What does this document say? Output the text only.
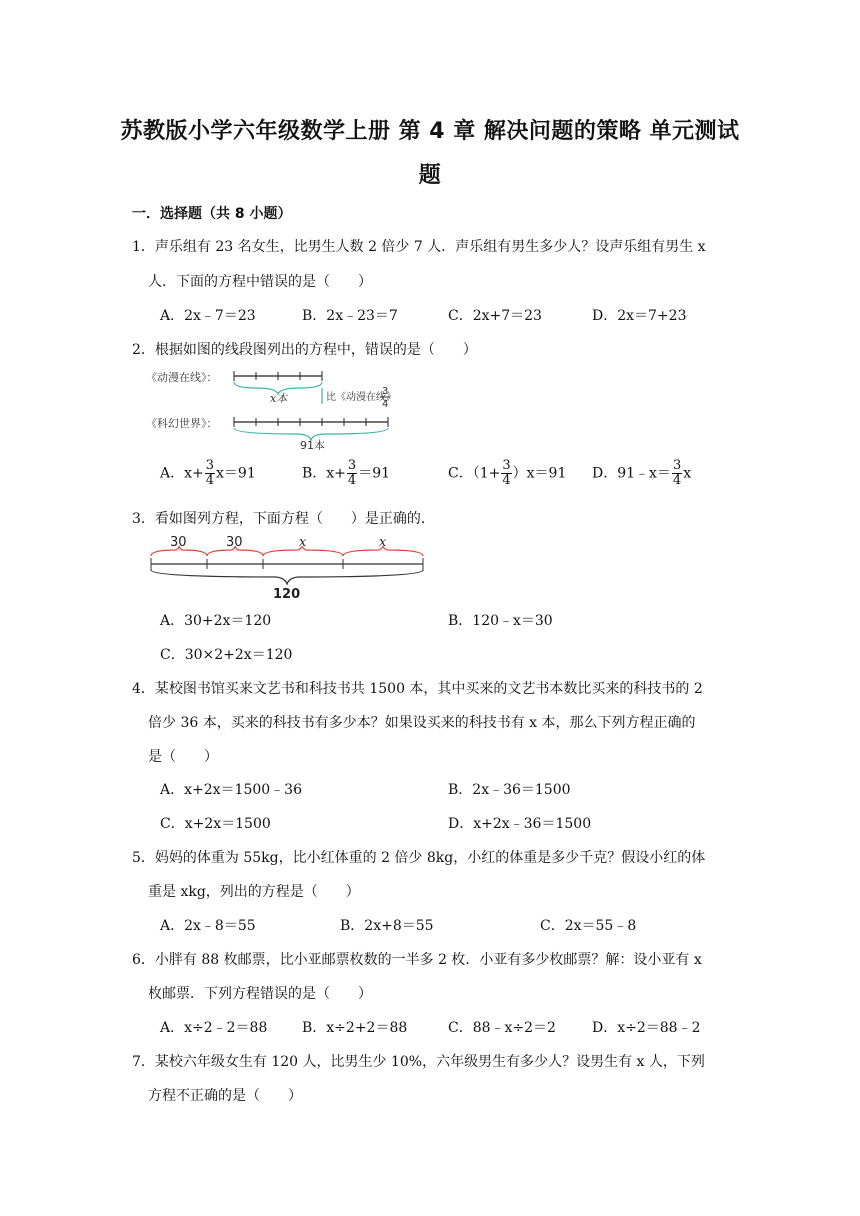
苏教版小学六年级数学上册 第 4 章 解决问题的策略 单元测试
题
一．选择题（共 8 小题）
1．声乐组有 23 名女生，比男生人数 2 倍少 7 人．声乐组有男生多少人？设声乐组有男生 x
人．下面的方程中错误的是（　　）
A．2x﹣7＝23	B．2x﹣23＝7	C．2x+7＝23	D．2x＝7+23
2．根据如图的线段图列出的方程中，错误的是（　　）
《动漫在线》：
x本	比《动漫在线》
3
4
《科幻世界》：
91本
A．$x+ \frac{3}{4} x=91$	B．$x+ \frac{3}{4} =91$	C．$(1+ \frac{3}{4} )x=91$ D．91﹣x＝ $\frac{3}{4}$ x
3．看如图列方程，下面方程（　　）是正确的．
30	30	x	x
120
A．30+2x＝120	B．120﹣x＝30
C．30×2+2x＝120
4．某校图书馆买来文艺书和科技书共 1500 本，其中买来的文艺书本数比买来的科技书的 2
倍少 36 本，买来的科技书有多少本？如果设买来的科技书有 x 本，那么下列方程正确的
是（　　）
A．x+2x＝1500﹣36	B．2x﹣36＝1500
C．x+2x＝1500	D．x+2x﹣36＝1500
5．妈妈的体重为 55kg，比小红体重的 2 倍少 8kg，小红的体重是多少千克？假设小红的体
重是 xkg，列出的方程是（　　）
A．2x﹣8＝55	B．2x+8＝55	C．2x＝55﹣8
6．小胖有 88 枚邮票，比小亚邮票枚数的一半多 2 枚．小亚有多少枚邮票？解：设小亚有 x
枚邮票．下列方程错误的是（　　）
A．x÷2﹣2＝88 B．x÷2+2＝88	C．88﹣x÷2＝2	D．x÷2＝88﹣2
7．某校六年级女生有 120 人，比男生少 10%，六年级男生有多少人？设男生有 x 人，下列
方程不正确的是（　　）
